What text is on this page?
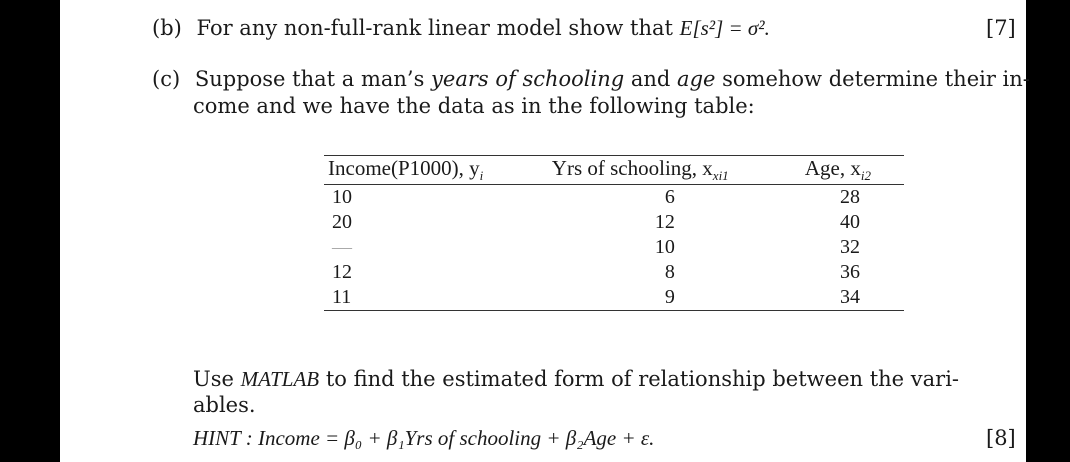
(b) For any non-full-rank linear model show that E[s²] = σ².	[7]
(c) Suppose that a man’s years of schooling and age somehow determine their in-
come and we have the data as in the following table:
Income(P1000), $y_i$	Yrs of schooling, $x_{xi1}$	Age, $x_{i2}$
10	6	28
20	12	40
—	10	32
12	8	36
11	9	34
Use MATLAB to find the estimated form of relationship between the vari-
ables.
HINT : Income = β₀ + β₁Yrs of schooling + β₂Age + ε.	[8]
